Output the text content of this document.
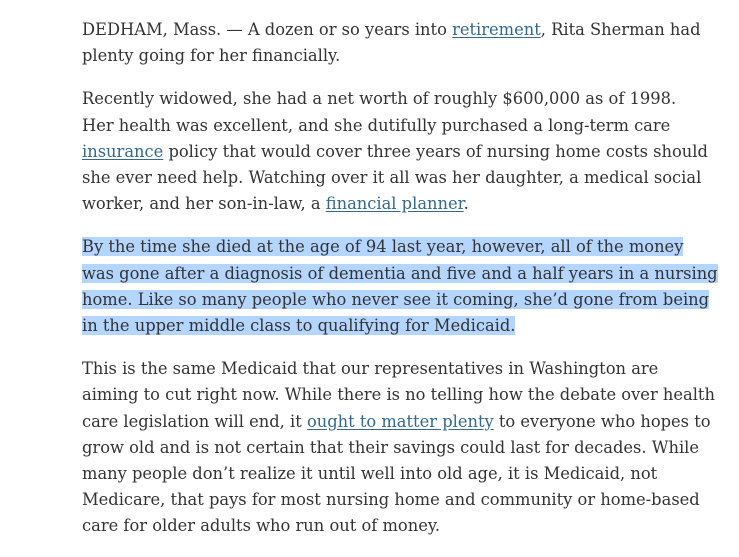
DEDHAM, Mass. — A dozen or so years into retirement, Rita Sherman had
plenty going for her financially.

Recently widowed, she had a net worth of roughly $600,000 as of 1998.
Her health was excellent, and she dutifully purchased a long-term care
insurance policy that would cover three years of nursing home costs should
she ever need help. Watching over it all was her daughter, a medical social
worker, and her son-in-law, a financial planner.

By the time she died at the age of 94 last year, however, all of the money
was gone after a diagnosis of dementia and five and a half years in a nursing
home. Like so many people who never see it coming, she’d gone from being
in the upper middle class to qualifying for Medicaid.

This is the same Medicaid that our representatives in Washington are
aiming to cut right now. While there is no telling how the debate over health
care legislation will end, it ought to matter plenty to everyone who hopes to
grow old and is not certain that their savings could last for decades. While
many people don’t realize it until well into old age, it is Medicaid, not
Medicare, that pays for most nursing home and community or home-based
care for older adults who run out of money.
